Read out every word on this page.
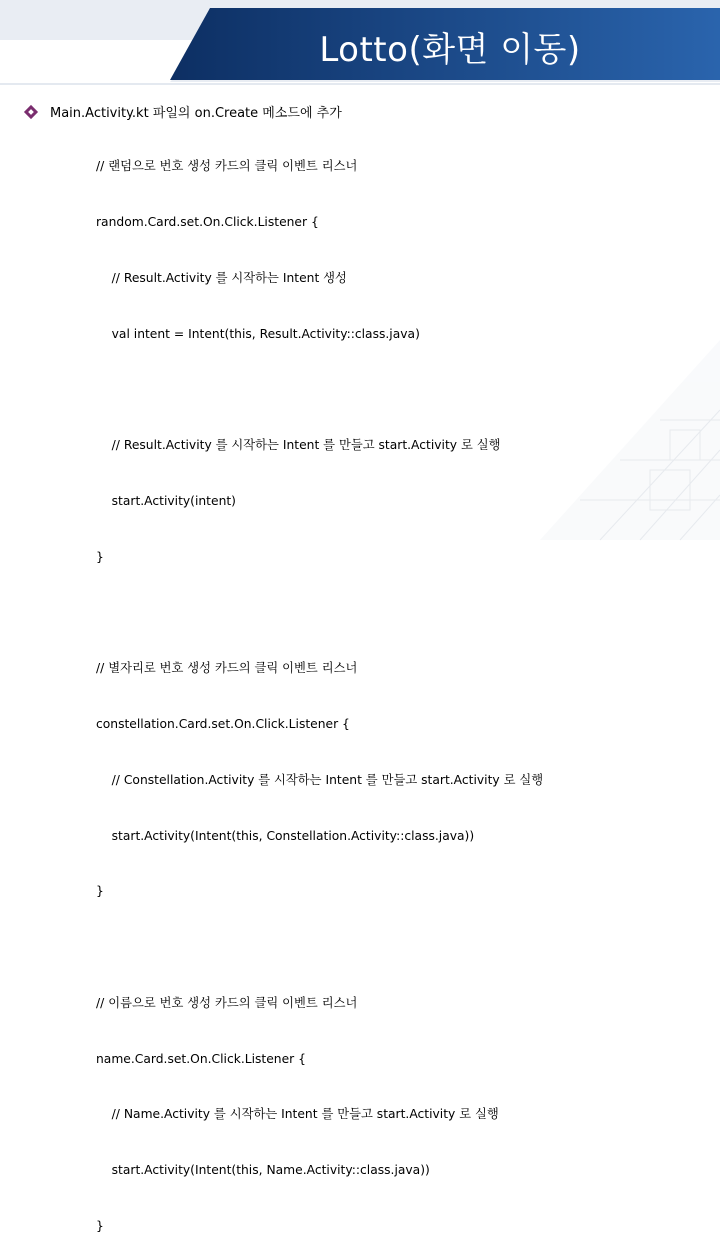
Lotto(화면 이동)
Main.Activity.kt 파일의 on.Create 메소드에 추가

// 랜덤으로 번호 생성 카드의 클릭 이벤트 리스너

random.Card.set.On.Click.Listener {

// Result.Activity 를 시작하는 Intent 생성

val intent = Intent(this, Result.Activity::class.java)

// Result.Activity 를 시작하는 Intent 를 만들고 start.Activity 로 실행

start.Activity(intent)

}

// 별자리로 번호 생성 카드의 클릭 이벤트 리스너

constellation.Card.set.On.Click.Listener {

// Constellation.Activity 를 시작하는 Intent 를 만들고 start.Activity 로 실행

start.Activity(Intent(this, Constellation.Activity::class.java))

}

// 이름으로 번호 생성 카드의 클릭 이벤트 리스너

name.Card.set.On.Click.Listener {

// Name.Activity 를 시작하는 Intent 를 만들고 start.Activity 로 실행

start.Activity(Intent(this, Name.Activity::class.java))

}
